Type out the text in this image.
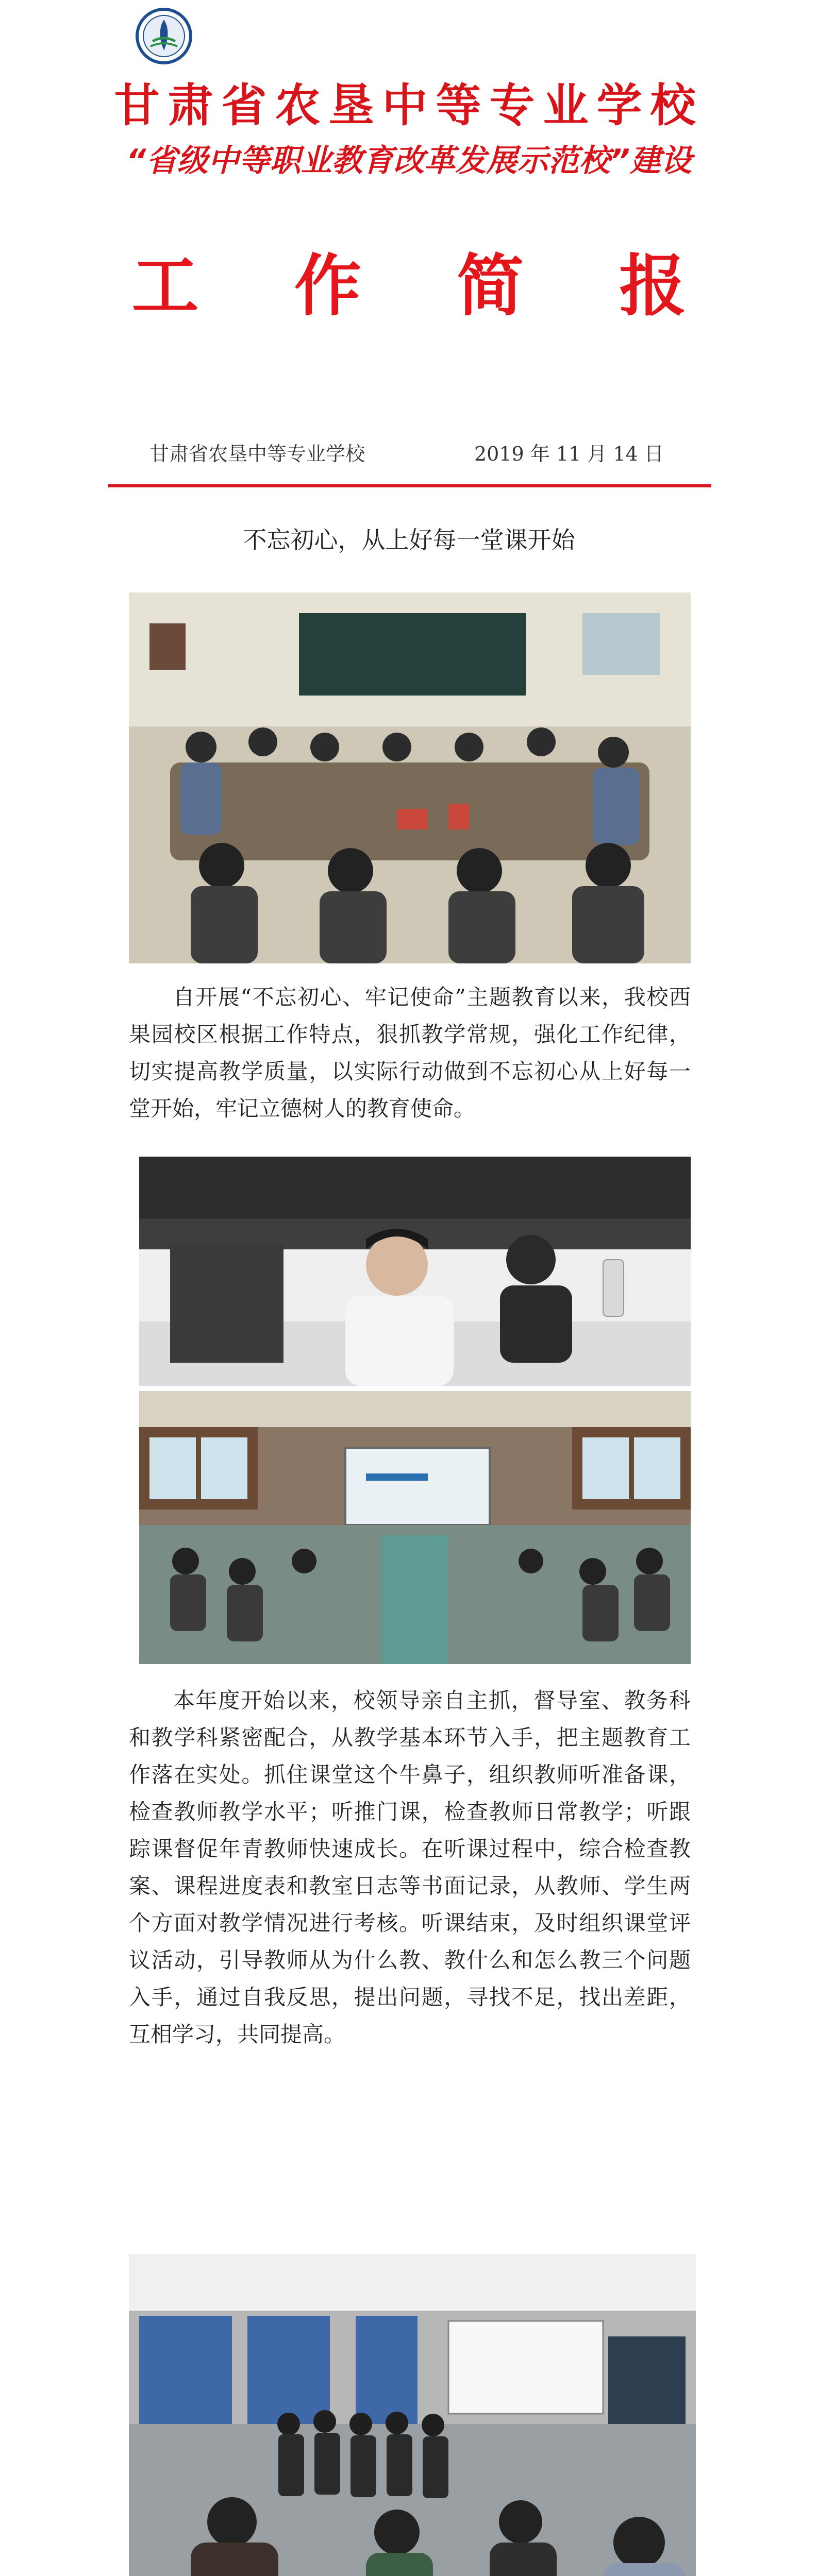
甘肃省农垦中等专业学校
“省级中等职业教育改革发展示范校”建设
工 作 简 报
甘肃省农垦中等专业学校	2019 年 11 月 14 日
不忘初心，从上好每一堂课开始

自开展“不忘初心、牢记使命”主题教育以来，我校西果园校区根据工作特点，狠抓教学常规，强化工作纪律，切实提高教学质量，以实际行动做到不忘初心从上好每一堂开始，牢记立德树人的教育使命。

本年度开始以来，校领导亲自主抓，督导室、教务科和教学科紧密配合，从教学基本环节入手，把主题教育工作落在实处。抓住课堂这个牛鼻子，组织教师听准备课，检查教师教学水平；听推门课，检查教师日常教学；听跟踪课督促年青教师快速成长。在听课过程中，综合检查教案、课程进度表和教室日志等书面记录，从教师、学生两个方面对教学情况进行考核。听课结束，及时组织课堂评议活动，引导教师从为什么教、教什么和怎么教三个问题入手，通过自我反思，提出问题，寻找不足，找出差距，互相学习，共同提高。
